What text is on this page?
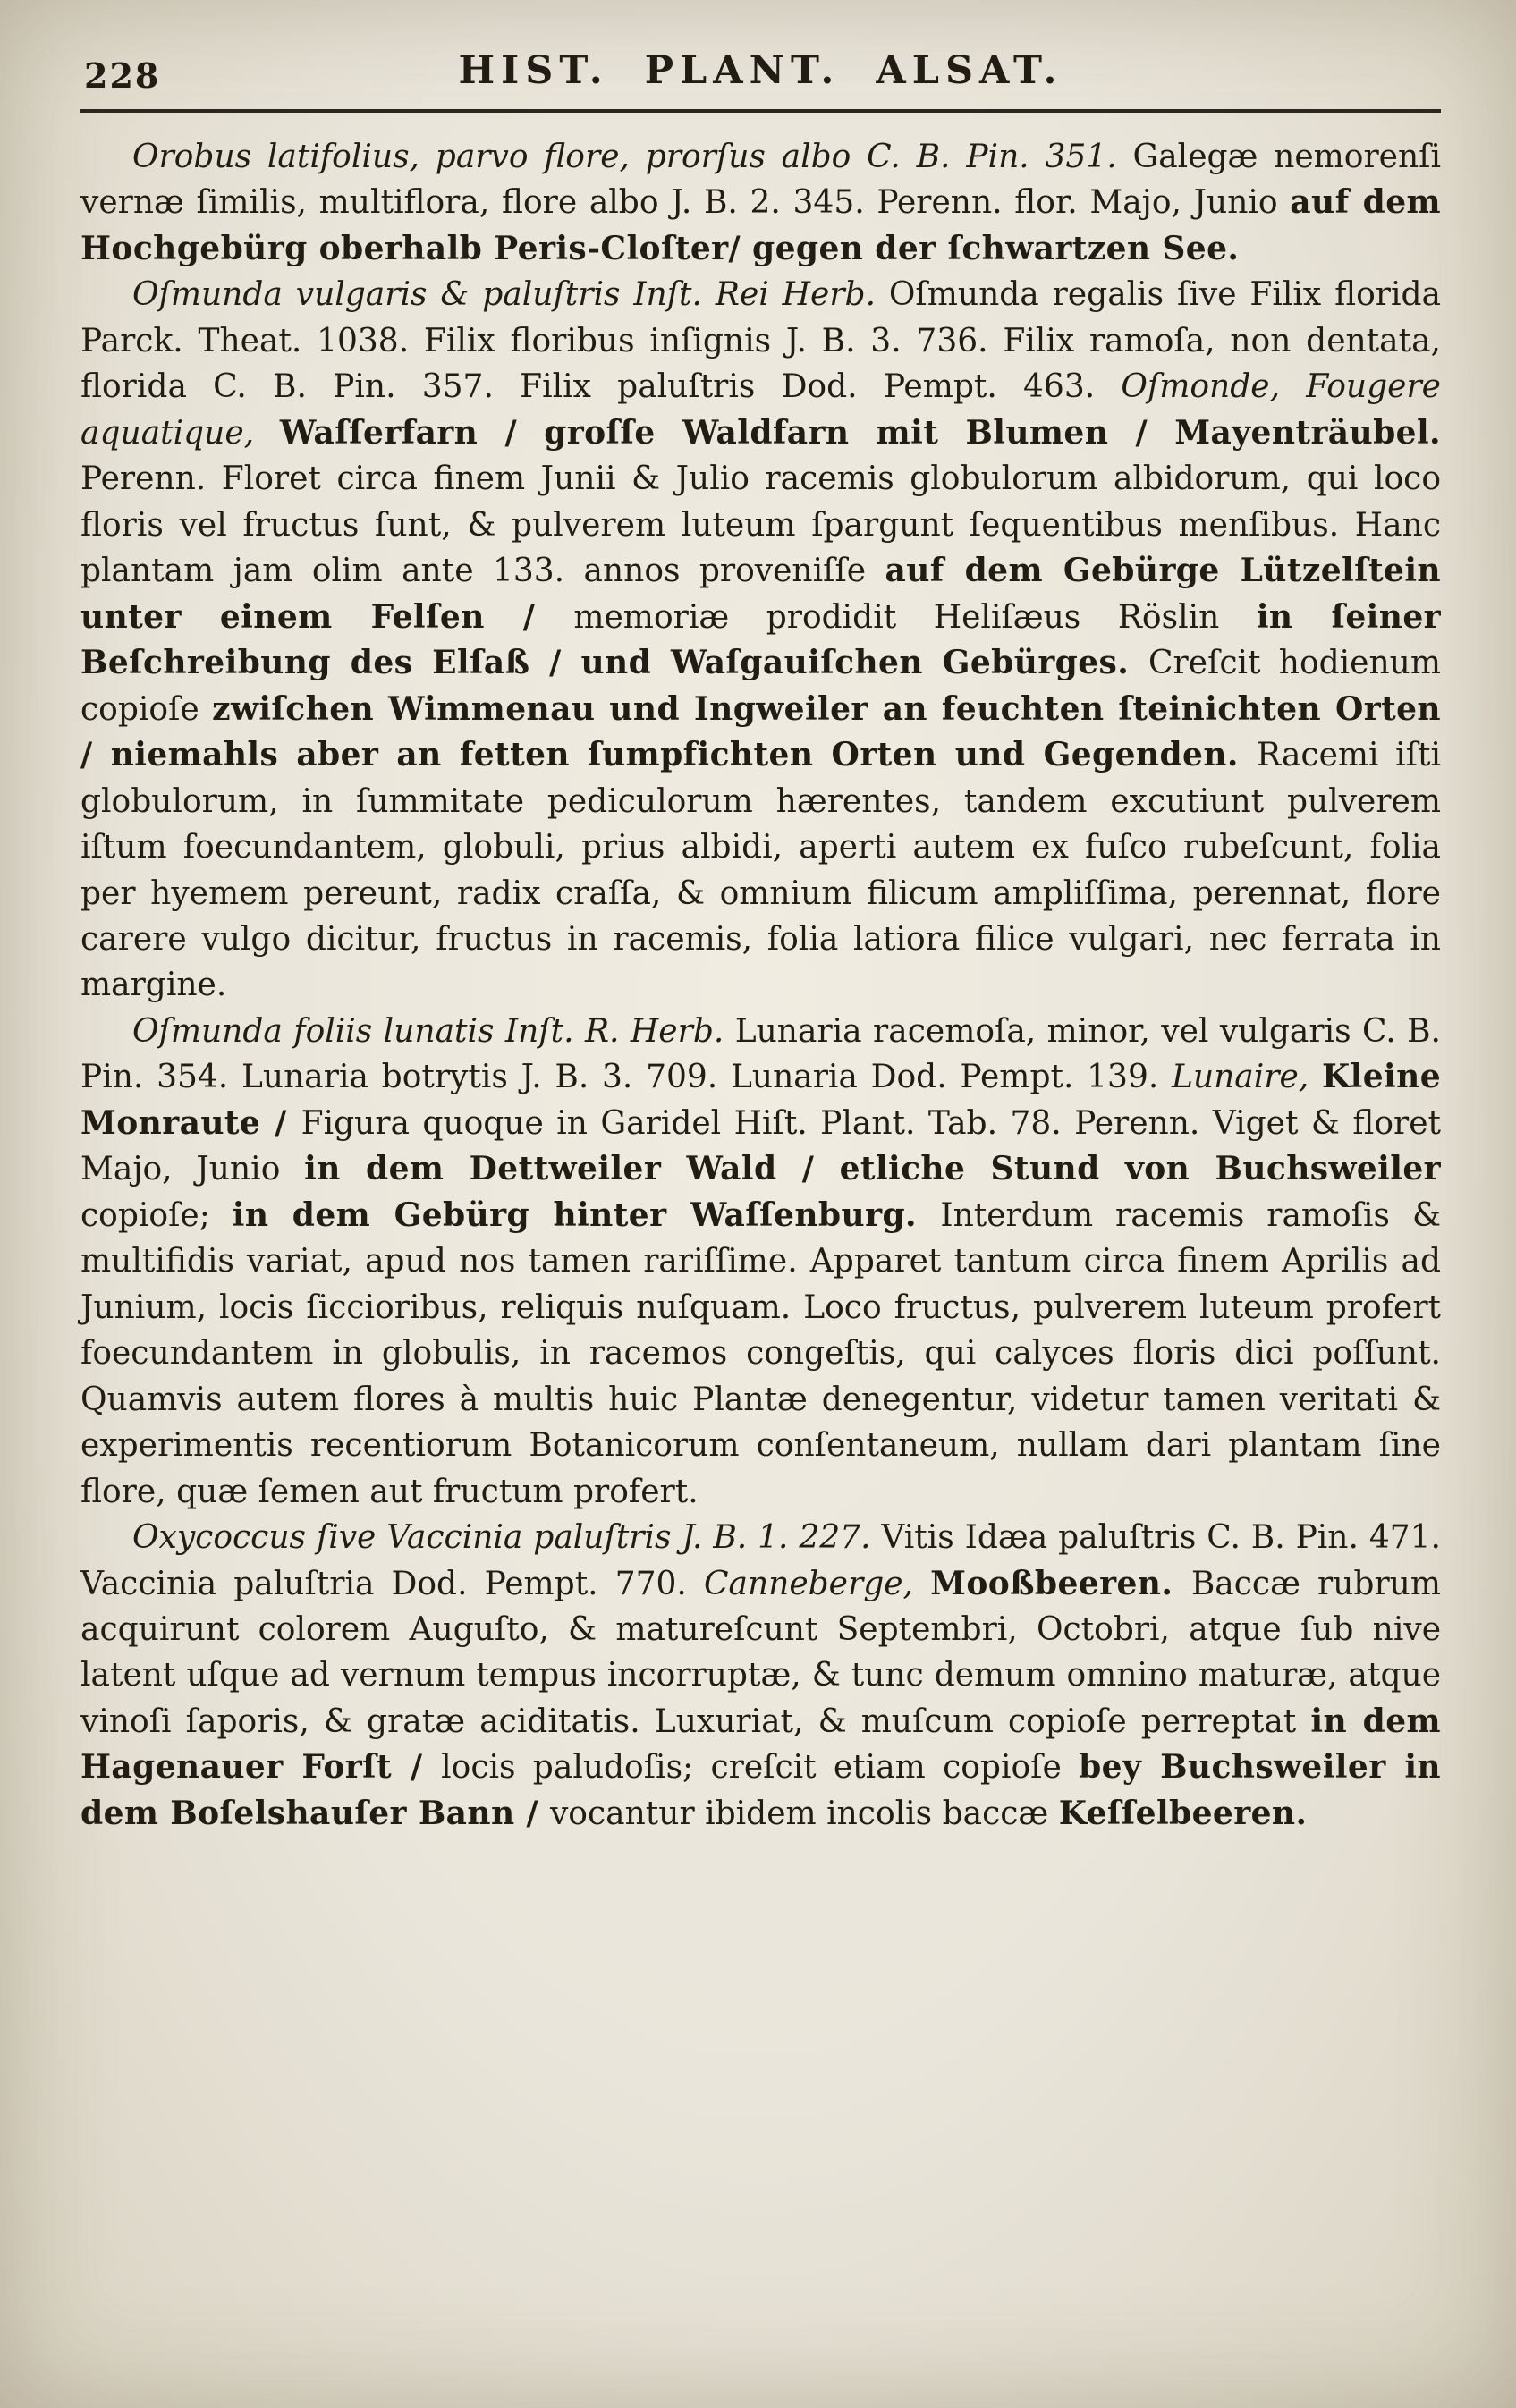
228	HIST. PLANT. ALSAT.

Orobus latifolius, parvo flore, prorſus albo C. B. Pin. 351. Galegæ nemorenſi vernæ ſimilis, multiflora, flore albo J. B. 2. 345. Perenn. flor. Majo, Junio auf dem Hochgebürg oberhalb Peris-Cloſter/ gegen der ſchwartzen See.

Oſmunda vulgaris & paluſtris Inſt. Rei Herb. Oſmunda regalis ſive Filix florida Parck. Theat. 1038. Filix floribus inſignis J. B. 3. 736. Filix ramoſa, non dentata, florida C. B. Pin. 357. Filix paluſtris Dod. Pempt. 463. Oſmonde, Fougere aquatique, Waſſerfarn / groſſe Waldfarn mit Blumen / Mayenträubel. Perenn. Floret circa finem Junii & Julio racemis globulorum albidorum, qui loco floris vel fructus ſunt, & pulverem luteum ſpargunt ſequentibus menſibus. Hanc plantam jam olim ante 133. annos proveniſſe auf dem Gebürge Lützelſtein unter einem Felſen / memoriæ prodidit Heliſæus Röslin in ſeiner Beſchreibung des Elſaß / und Waſgauiſchen Gebürges. Creſcit hodienum copioſe zwiſchen Wimmenau und Ingweiler an feuchten ſteinichten Orten / niemahls aber an fetten ſumpfichten Orten und Gegenden. Racemi iſti globulorum, in ſummitate pediculorum hærentes, tandem excutiunt pulverem iſtum foecundantem, globuli, prius albidi, aperti autem ex fuſco rubeſcunt, folia per hyemem pereunt, radix craſſa, & omnium filicum ampliſſima, perennat, flore carere vulgo dicitur, fructus in racemis, folia latiora filice vulgari, nec ferrata in margine.

Oſmunda foliis lunatis Inſt. R. Herb. Lunaria racemoſa, minor, vel vulgaris C. B. Pin. 354. Lunaria botrytis J. B. 3. 709. Lunaria Dod. Pempt. 139. Lunaire, Kleine Monraute / Figura quoque in Garidel Hiſt. Plant. Tab. 78. Perenn. Viget & floret Majo, Junio in dem Dettweiler Wald / etliche Stund von Buchsweiler copioſe; in dem Gebürg hinter Waſſenburg. Interdum racemis ramoſis & multifidis variat, apud nos tamen rariſſime. Apparet tantum circa finem Aprilis ad Junium, locis ſiccioribus, reliquis nuſquam. Loco fructus, pulverem luteum profert foecundantem in globulis, in racemos congeſtis, qui calyces floris dici poſſunt. Quamvis autem flores à multis huic Plantæ denegentur, videtur tamen veritati & experimentis recentiorum Botanicorum conſentaneum, nullam dari plantam ſine flore, quæ ſemen aut fructum profert.

Oxycoccus ſive Vaccinia paluſtris J. B. 1. 227. Vitis Idæa paluſtris C. B. Pin. 471. Vaccinia paluſtria Dod. Pempt. 770. Canneberge, Mooßbeeren. Baccæ rubrum acquirunt colorem Auguſto, & matureſcunt Septembri, Octobri, atque ſub nive latent uſque ad vernum tempus incorruptæ, & tunc demum omnino maturæ, atque vinoſi ſaporis, & gratæ aciditatis. Luxuriat, & muſcum copioſe perreptat in dem Hagenauer Forſt / locis paludoſis; creſcit etiam copioſe bey Buchsweiler in dem Boſelshauſer Bann / vocantur ibidem incolis baccæ Keſſelbeeren.
